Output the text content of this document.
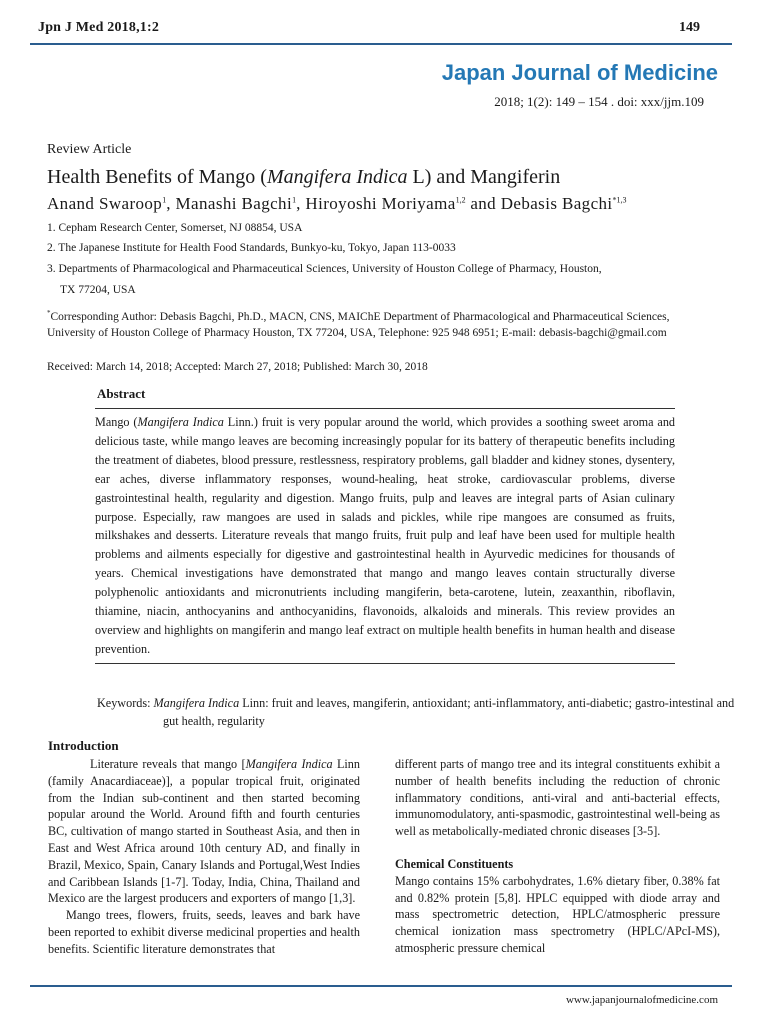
Jpn J Med 2018,1:2	149
Japan Journal of Medicine
2018; 1(2): 149 – 154 . doi: xxx/jjm.109
Review Article
Health Benefits of Mango (Mangifera Indica L) and Mangiferin
Anand Swaroop$^1$, Manashi Bagchi$^1$, Hiroyoshi Moriyama$^{1,2}$ and Debasis Bagchi$^{*1,3}$
1. Cepham Research Center, Somerset, NJ 08854, USA
2. The Japanese Institute for Health Food Standards, Bunkyo-ku, Tokyo, Japan 113-0033
3. Departments of Pharmacological and Pharmaceutical Sciences, University of Houston College of Pharmacy, Houston,
TX 77204, USA
*Corresponding Author: Debasis Bagchi, Ph.D., MACN, CNS, MAIChE Department of Pharmacological and Pharmaceutical Sciences, University of Houston College of Pharmacy Houston, TX 77204, USA, Telephone: 925 948 6951; E-mail: debasis-bagchi@gmail.com
Received: March 14, 2018; Accepted: March 27, 2018; Published: March 30, 2018
Abstract
Mango (Mangifera Indica Linn.) fruit is very popular around the world, which provides a soothing sweet aroma and delicious taste, while mango leaves are becoming increasingly popular for its battery of therapeutic benefits including the treatment of diabetes, blood pressure, restlessness, respiratory problems, gall bladder and kidney stones, dysentery, ear aches, diverse inflammatory responses, wound-healing, heat stroke, cardiovascular problems, diverse gastrointestinal health, regularity and digestion. Mango fruits, pulp and leaves are integral parts of Asian culinary purpose. Especially, raw mangoes are used in salads and pickles, while ripe mangoes are consumed as fruits, milkshakes and desserts. Literature reveals that mango fruits, fruit pulp and leaf have been used for multiple health problems and ailments especially for digestive and gastrointestinal health in Ayurvedic medicines for thousands of years. Chemical investigations have demonstrated that mango and mango leaves contain structurally diverse polyphenolic antioxidants and micronutrients including mangiferin, beta-carotene, lutein, zeaxanthin, riboflavin, thiamine, niacin, anthocyanins and anthocyanidins, flavonoids, alkaloids and minerals. This review provides an overview and highlights on mangiferin and mango leaf extract on multiple health benefits in human health and disease prevention.
Keywords: Mangifera Indica Linn: fruit and leaves, mangiferin, antioxidant; anti-inflammatory, anti-diabetic; gastro-intestinal and gut health, regularity
Introduction

Literature reveals that mango [Mangifera Indica Linn (family Anacardiaceae)], a popular tropical fruit, originated from the Indian sub-continent and then started becoming popular around the World. Around fifth and fourth centuries BC, cultivation of mango started in Southeast Asia, and then in East and West Africa around 10th century AD, and finally in Brazil, Mexico, Spain, Canary Islands and Portugal,West Indies and Caribbean Islands [1-7]. Today, India, China, Thailand and Mexico are the largest producers and exporters of mango [1,3].

Mango trees, flowers, fruits, seeds, leaves and bark have been reported to exhibit diverse medicinal properties and health benefits. Scientific literature demonstrates that

different parts of mango tree and its integral constituents exhibit a number of health benefits including the reduction of chronic inflammatory conditions, anti-viral and anti-bacterial effects, immunomodulatory, anti-spasmodic, gastrointestinal well-being as well as metabolically-mediated chronic diseases [3-5].

Chemical Constituents

Mango contains 15% carbohydrates, 1.6% dietary fiber, 0.38% fat and 0.82% protein [5,8]. HPLC equipped with diode array and mass spectrometric detection, HPLC/atmospheric pressure chemical ionization mass spectrometry (HPLC/APcI-MS), atmospheric pressure chemical

www.japanjournalofmedicine.com
